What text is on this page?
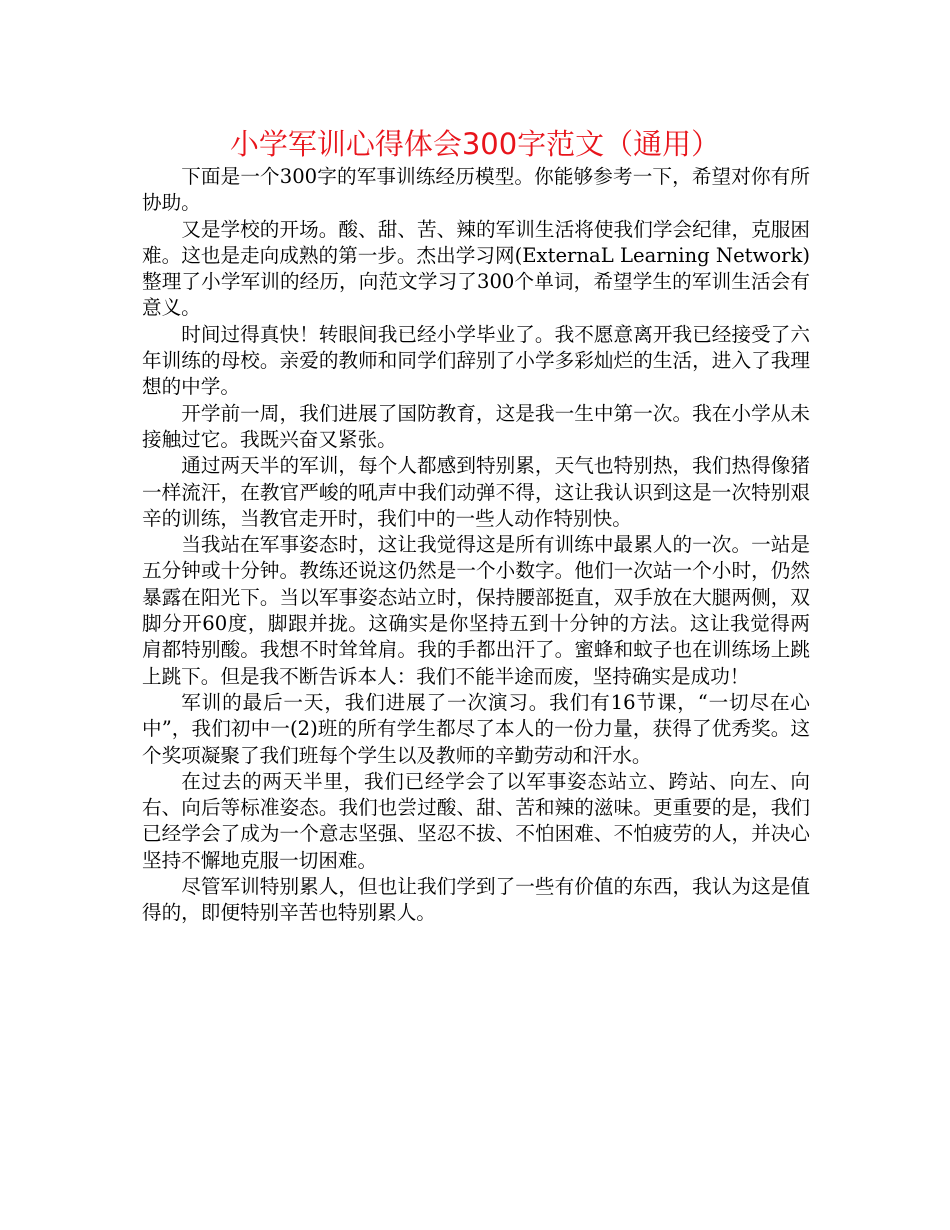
小学军训心得体会300字范文（通用）

下面是一个300字的军事训练经历模型。你能够参考一下，希望对你有所协助。

又是学校的开场。酸、甜、苦、辣的军训生活将使我们学会纪律，克服困难。这也是走向成熟的第一步。杰出学习网(ExternaL Learning Network)整理了小学军训的经历，向范文学习了300个单词，希望学生的军训生活会有意义。

时间过得真快！转眼间我已经小学毕业了。我不愿意离开我已经接受了六年训练的母校。亲爱的教师和同学们辞别了小学多彩灿烂的生活，进入了我理想的中学。

开学前一周，我们进展了国防教育，这是我一生中第一次。我在小学从未接触过它。我既兴奋又紧张。

通过两天半的军训，每个人都感到特别累，天气也特别热，我们热得像猪一样流汗，在教官严峻的吼声中我们动弹不得，这让我认识到这是一次特别艰辛的训练，当教官走开时，我们中的一些人动作特别快。

当我站在军事姿态时，这让我觉得这是所有训练中最累人的一次。一站是五分钟或十分钟。教练还说这仍然是一个小数字。他们一次站一个小时，仍然暴露在阳光下。当以军事姿态站立时，保持腰部挺直，双手放在大腿两侧，双脚分开60度，脚跟并拢。这确实是你坚持五到十分钟的方法。这让我觉得两肩都特别酸。我想不时耸耸肩。我的手都出汗了。蜜蜂和蚊子也在训练场上跳上跳下。但是我不断告诉本人：我们不能半途而废，坚持确实是成功！

军训的最后一天，我们进展了一次演习。我们有16节课，“一切尽在心中”，我们初中一(2)班的所有学生都尽了本人的一份力量，获得了优秀奖。这个奖项凝聚了我们班每个学生以及教师的辛勤劳动和汗水。

在过去的两天半里，我们已经学会了以军事姿态站立、跨站、向左、向右、向后等标准姿态。我们也尝过酸、甜、苦和辣的滋味。更重要的是，我们已经学会了成为一个意志坚强、坚忍不拔、不怕困难、不怕疲劳的人，并决心坚持不懈地克服一切困难。

尽管军训特别累人，但也让我们学到了一些有价值的东西，我认为这是值得的，即便特别辛苦也特别累人。
